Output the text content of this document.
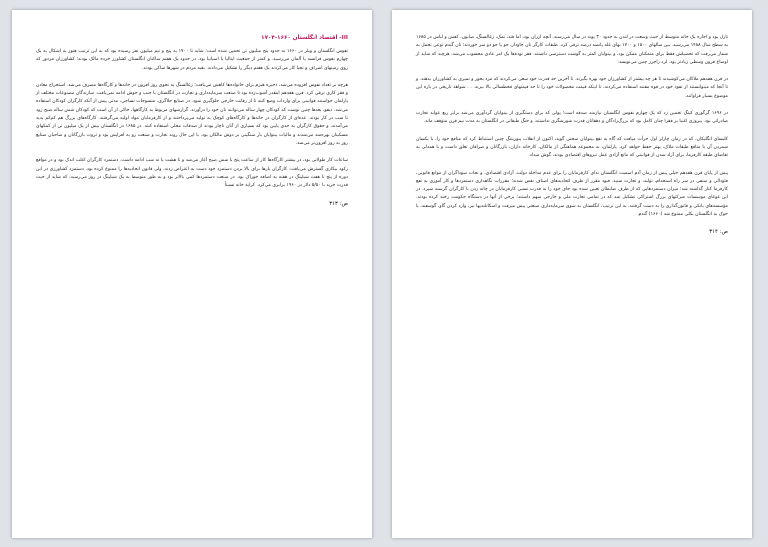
III- اقتصاد انگلستان ۱۶۶۰-۱۷۰۴

نفوس انگلستان و ویلز در ۱۶۶۰ به حدود پنج میلیون تن تخمین شده است؛ شاید تا ۱۷۰۰ به پنج و نیم میلیون نفر رسیده بود که به این ترتیب هنوز به اشکال به یک چهارم نفوس فرانسه یا آلمان می‌رسید. و کمتر از جمعیت ایتالیا یا اسپانیا بود. در حدود یک هفتم ساکنان انگلستان کشاورز خرده مالک بودند؛ کشاورزان مزدور که روی زمینهای اشراف و نجبا کار می‌کردند یک هفتم دیگر را تشکیل می‌دادند. بقیه مردم در شهرها ساکن بودند.

هرچه بر تعداد نفوس افزوده می‌شد، ذخیره هیزم برای خانواده‌ها کاهش می‌یافت؛ زغالسنگ به نحوی روز افزون در خانه‌ها و کارگاه‌ها مصرف می‌شد. استخراج معادن و فقر کاری ترقی کرد. قرن هفدهم اینقدر آشوب‌زده بود تا صنعت سرمایه‌داری و تجارت در انگلستان با جنب و جوش ادامه نمی‌یافت. سازندگان مصنوعات مختلف از پارلمان خواستند قوانینی برای واردات وضع کنند تا از رقابت خارجی جلوگیری شود. در صنایع جلاگری، منسوجات نساجی، مدتی پیش از آنکه کارگران کودکان استفاده می‌شد. دیفو، بعدها چنین نوشت که کودکان چهار ساله می‌توانند نان خود را درآورند. گزارشهای مربوط به کارگاهها، حاکی از آن است که کودکان شش ساله صبح زود تا شب در کار بودند. عده‌ای از کارگران در خانه‌ها و کارگاه‌های کوچک به تولید می‌پرداختند و از کارفرمایان مواد اولیه می‌گرفتند. کارگاه‌های بزرگ هم کم‌کم پدید می‌آمدند، و حقوق کارگران به حدی پایین بود که بسیاری از آنان ناچار بودند از صدقات محلی استفاده کنند. در ۱۶۸۵ در انگلستان بیش از یک میلیون تن از کمکهای مسکینان بهره‌مند می‌شدند و مالیات بینوایان بار سنگینی بر دوش مالکان بود. با این حال روند تجارت و صنعت رو به افزایش بود و ثروت بازرگانان و صاحبان صنایع روز به روز افزون‌تر می‌شد.

ساعات کار طولانی بود، در بیشتر کارگاه‌ها کار از ساعت پنج یا شش صبح آغاز می‌شد و تا هشت یا نه شب ادامه داشت. دستمزد کارگران اغلب اندک بود و در مواقع رکود بیکاری گسترش می‌یافت. کارگران بارها برای بالا بردن دستمزد خود دست به اعتراض زدند، ولی قانون اتحادیه‌ها را ممنوع کرده بود. دستمزد کشاورزی در این دوره از پنج تا هفت شیلینگ در هفته به اضافه خوراک بود. در صنعت دستمزدها کمی بالاتر بود و به طور متوسط به یک شیلینگ در روز می‌رسید، که شاید از حیث قدرت خرید با ۵/۵۰ دلار در ۱۹۶۰ برابری می‌کرد. کرایه خانه نسبتاً

ص: ۳۱۳

نازل بود و اجاره یک خانه متوسط از حیث وسعت در لندن به حدود ۳۰ پوند در سال می‌رسید. آنچه ارزان بود، اما قند، نمک، زغالسنگ، صابون، کفش و لباس در ۱۶۸۵ به سطح سال ۱۴۸۸ می‌رسید. بین سالهای ۱۵۰۰ و ۱۷۰۰ بهای غله پانصد درصد ترقی کرد. طبقات کارگر نان جاودار، جو یا جو دو سر خوردند؛ نان گندم نوعی تجمل به شمار می‌رفت که تحصیلش فقط برای متمکنان ممکن بود، و بینوایان کمتر به گوشت دسترسی داشتند. فقر توده‌ها یک امر عادی محسوب می‌شد، هرچند که شاید از اوضاع قرون وسطی زیادتر بود. لرد راجرز چنین می‌نویسد:

در قرن هفدهم ملاکان می‌کوشیدند تا هر چه بیشتر از کشاورزان خود بهره بگیرند. تا آخرین حد قدرت خود سعی می‌کردند که مزد بخور و نمیری به کشاورزان بدهند. و تا آنجا که میتوانستند از نفوذ خود در قوه مقننه استفاده می‌کردند، تا اینکه قیمت محصولات خود را تا حد قیمتهای قحطسالی بالا ببرند. . . شواهد تاریخی در باره این موضوع بسیار فراوانند.

در ۱۶۹۶ گرگوری کینگ تخمین زد که یک چهارم نفوس انگلستان نیازمند صدقه است؛ پولی که برای دستگیری از بینوایان گردآوری می‌شد برابر ربع عواید تجارت صادراتی بود. پیروزی اغنیا بر فقرا چنان کامل بود که بزرگ‌زادگان و دهقانان قدرت شورشگری نداشتند، و جنگ طبقاتی در انگلستان به مدت نیم قرن متوقف ماند.

کلیسای انگلیکان، که در زمان چارلز اول جرأت میافت که گاه به نفع بینوایان سخنی گوید، اکنون از انقلاب پیوریتنگ چنین استنباط کرد که منافع خود را، با یکسان شمردن آن با منافع طبقات ملاک، بهتر حفظ خواهد کرد. پارلمان، به مجموعه هماهنگی از مالکان، کارخانه داران، بازرگانان و صرافان تعلق داشت و با همدلی به تقاضای طبقه کارفرما، برای آزاد شدن از قوانینی که مانع آزادی عمل نیروهای اقتصادی بودند، گوش میداد.

پیش از پایان قرن هفدهم خیلی پیش از زمان آدم اسمیت انگلستان ندای کارفرمایان را برای عدم مداخله دولت، آزادی اقتصادی، و نجات سوداگران از موانع قانونی، فئودالی و صنفی در سر راه استخدام، تولید، و تجارت شنید. قیود مقرر از طرف اتحادیه‌های اصناف نقض شدند؛ مقررات نگاهداری دستمزدها و کار آموزی به نفع کارفرما کنار گذاشته شد؛ میزان دستمزدهایی که از طرف ضابطان تعیین شده بود جای خود را به قدرت نسبی کارفرمایان در چانه زدن با کارگران گرسنه سپرد. در این غوغای موسسات شرکتهای بزرگ اشتراکی تشکیل شد که در تمامی تجارت ملی و خارجی سهم داشتند؛ برخی از آنها در دستگاه حکومت رخنه کرده بودند. مؤسسه‌های بانکی و قانون‌گذاری را به دست گرفتند. به این ترتیب، انگلستان به سوی سرمایه‌داری صنعتی پیش میرفت و اسکاتلندیها نیز، وارد کردن گاو، گوسفند، یا خوک به انگلستان بکلی ممنوع شد (۱۶۶۰) گندم

ص: ۳۱۴
